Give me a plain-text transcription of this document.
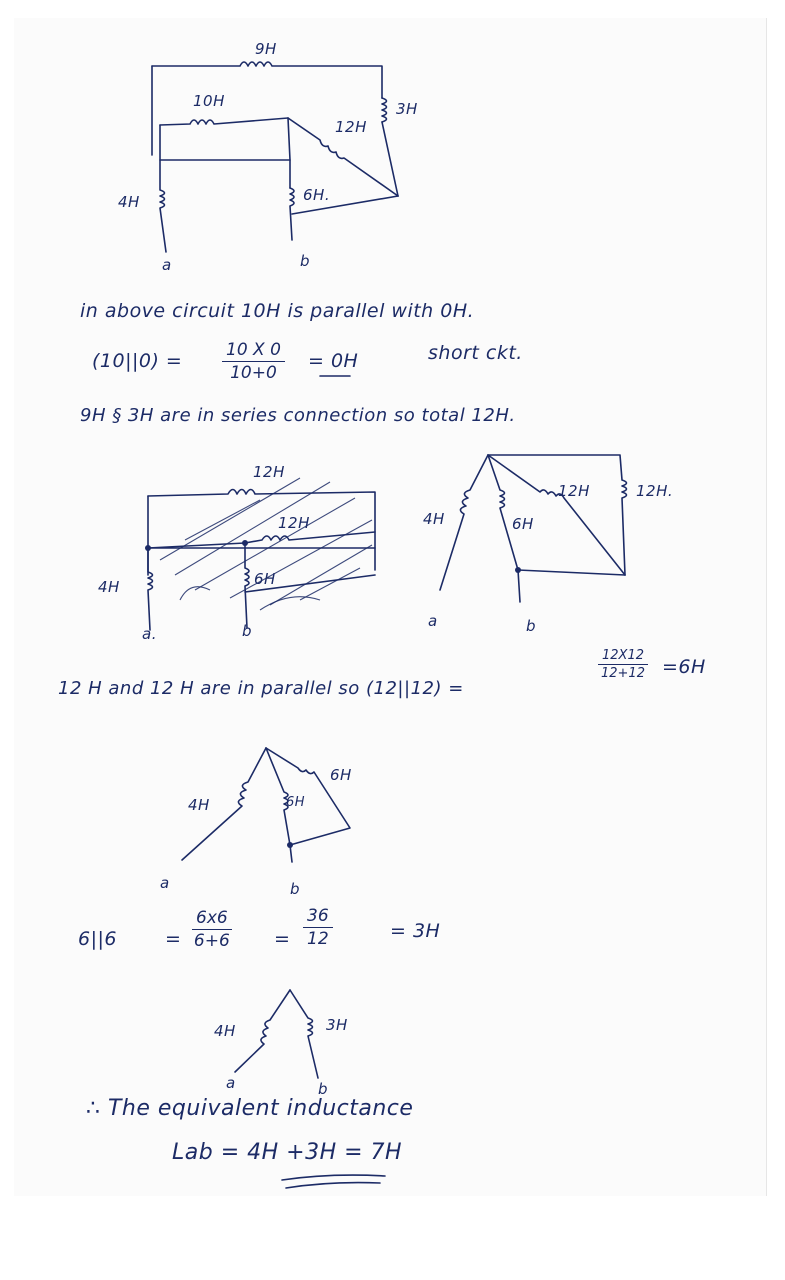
9H
10H
12H
3H
4H	6H.
a	b
in above circuit 10H is parallel with 0H.
$(10||0) = \frac{10 X 0}{10+0} = 0H$	short ckt.
9H § 3H are in series connection so total 12H.
12H
12H
4H	6H
a.	b
4H	6H
12H	12H.
a	b
12 H and 12 H are in parallel so (12||12) =
$\frac{12X12}{12+12} =6H$
4H	6H
6H
a	b
6||6	= $\frac{6x6}{6+6} = \frac{36}{12}$	= 3H
4H	3H
a	b
∴ The equivalent inductance
Lab = 4H +3H = 7H
